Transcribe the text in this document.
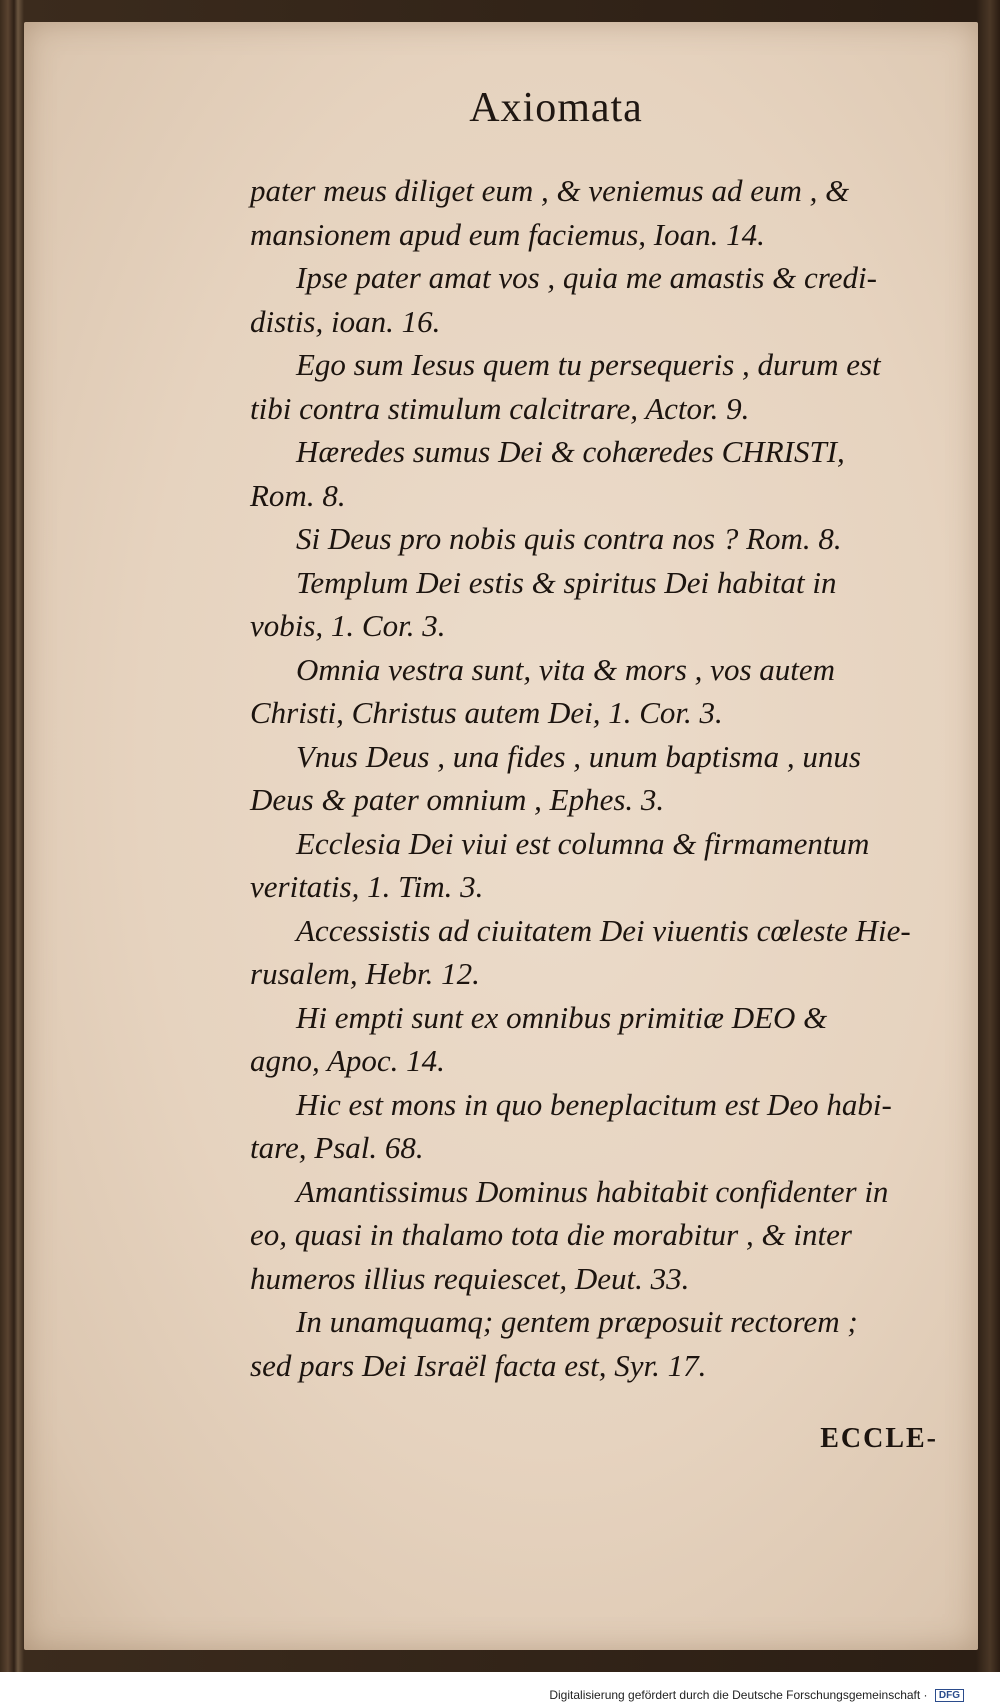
Axiomata
pater meus diliget eum , & veniemus ad eum , &
mansionem apud eum faciemus, Ioan. 14.
Ipse pater amat vos , quia me amastis & credi-
distis, ioan. 16.
Ego sum Iesus quem tu persequeris , durum est
tibi contra stimulum calcitrare, Actor. 9.
Hæredes sumus Dei & cohæredes CHRISTI,
Rom. 8.
Si Deus pro nobis quis contra nos ? Rom. 8.
Templum Dei estis & spiritus Dei habitat in
vobis, 1. Cor. 3.
Omnia vestra sunt, vita & mors , vos autem
Christi, Christus autem Dei, 1. Cor. 3.
Vnus Deus , una fides , unum baptisma , unus
Deus & pater omnium , Ephes. 3.
Ecclesia Dei viui est columna & firmamentum
veritatis, 1. Tim. 3.
Accessistis ad ciuitatem Dei viuentis cœleste Hie-
rusalem, Hebr. 12.
Hi empti sunt ex omnibus primitiæ DEO &
agno, Apoc. 14.
Hic est mons in quo beneplacitum est Deo habi-
tare, Psal. 68.
Amantissimus Dominus habitabit confidenter in
eo, quasi in thalamo tota die morabitur , & inter
humeros illius requiescet, Deut. 33.
In unamquamq; gentem præposuit rectorem ;
sed pars Dei Israël facta est, Syr. 17.
ECCLE-
Digitalisierung gefördert durch die Deutsche Forschungsgemeinschaft · DFG
